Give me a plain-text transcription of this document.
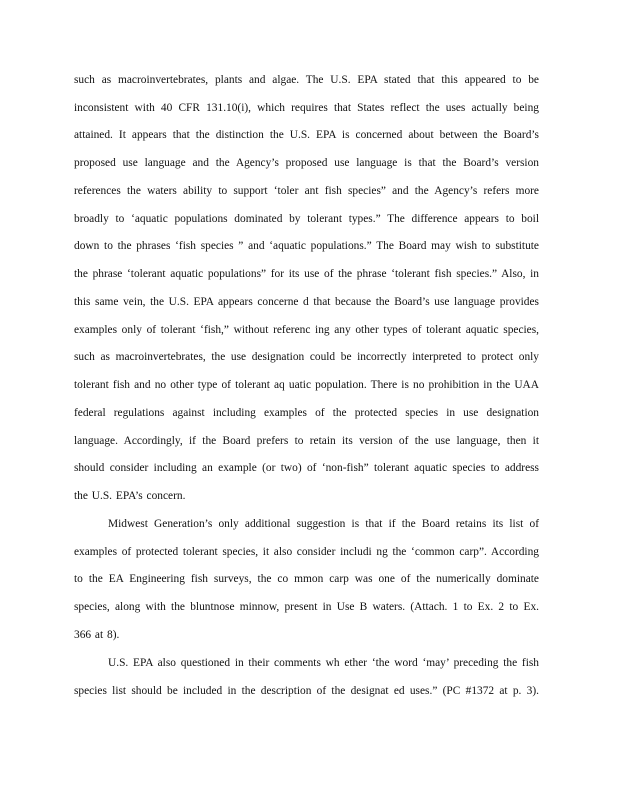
such as macroinvertebrates, plants and algae. The U.S. EPA stated that this appeared to be
inconsistent with 40 CFR 131.10(i), which requires that States reflect the uses actually being
attained. It appears that the distinction the U.S. EPA is concerned about between the Board’s
proposed use language and the Agency’s proposed use language is that the Board’s version
references the waters ability to support ‘toler ant fish species” and the Agency’s refers more
broadly to ‘aquatic populations dominated by tolerant types.” The difference appears to boil
down to the phrases ‘fish species ” and ‘aquatic populations.” The Board may wish to substitute
the phrase ‘tolerant aquatic populations” for its use of the phrase ‘tolerant fish species.” Also, in
this same vein, the U.S. EPA appears concerne d that because the Board’s use language provides
examples only of tolerant ‘fish,” without referenc ing any other types of tolerant aquatic species,
such as macroinvertebrates, the use designation could be incorrectly interpreted to protect only
tolerant fish and no other type of tolerant aq uatic population. There is no prohibition in the UAA
federal regulations against including examples of the protected species in use designation
language. Accordingly, if the Board prefers to retain its version of the use language, then it
should consider including an example (or two) of ‘non-fish” tolerant aquatic species to address
the U.S. EPA’s concern.
Midwest Generation’s only additional suggestion is that if the Board retains its list of
examples of protected tolerant species, it also consider includi ng the ‘common carp”. According
to the EA Engineering fish surveys, the co mmon carp was one of the numerically dominate
species, along with the bluntnose minnow, present in Use B waters. (Attach. 1 to Ex. 2 to Ex.
366 at 8).
U.S. EPA also questioned in their comments wh ether ‘the word ‘may’ preceding the fish
species list should be included in the description of the designat ed uses.” (PC #1372 at p. 3).
